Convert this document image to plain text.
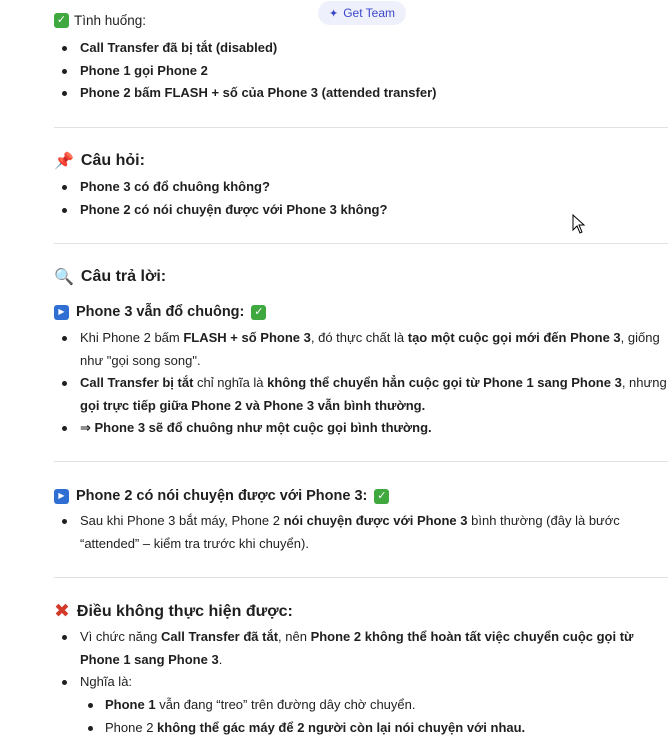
✦ Get Team
✓ Tình huống:
Call Transfer đã bị tắt (disabled)
Phone 1 gọi Phone 2
Phone 2 bấm FLASH + số của Phone 3 (attended transfer)
📌 Câu hỏi:
Phone 3 có đổ chuông không?
Phone 2 có nói chuyện được với Phone 3 không?
🔍 Câu trả lời:
▶ Phone 3 vẫn đổ chuông: ✓
Khi Phone 2 bấm FLASH + số Phone 3, đó thực chất là tạo một cuộc gọi mới đến Phone 3, giống như "gọi song song".
Call Transfer bị tắt chỉ nghĩa là không thể chuyển hẳn cuộc gọi từ Phone 1 sang Phone 3, nhưng gọi trực tiếp giữa Phone 2 và Phone 3 vẫn bình thường.
⇒ Phone 3 sẽ đổ chuông như một cuộc gọi bình thường.
▶ Phone 2 có nói chuyện được với Phone 3: ✓
Sau khi Phone 3 bắt máy, Phone 2 nói chuyện được với Phone 3 bình thường (đây là bước “attended” – kiểm tra trước khi chuyển).
✖ Điều không thực hiện được:
Vì chức năng Call Transfer đã tắt, nên Phone 2 không thể hoàn tất việc chuyển cuộc gọi từ Phone 1 sang Phone 3.
Nghĩa là:
Phone 1 vẫn đang “treo” trên đường dây chờ chuyển.
Phone 2 không thể gác máy để 2 người còn lại nói chuyện với nhau.
